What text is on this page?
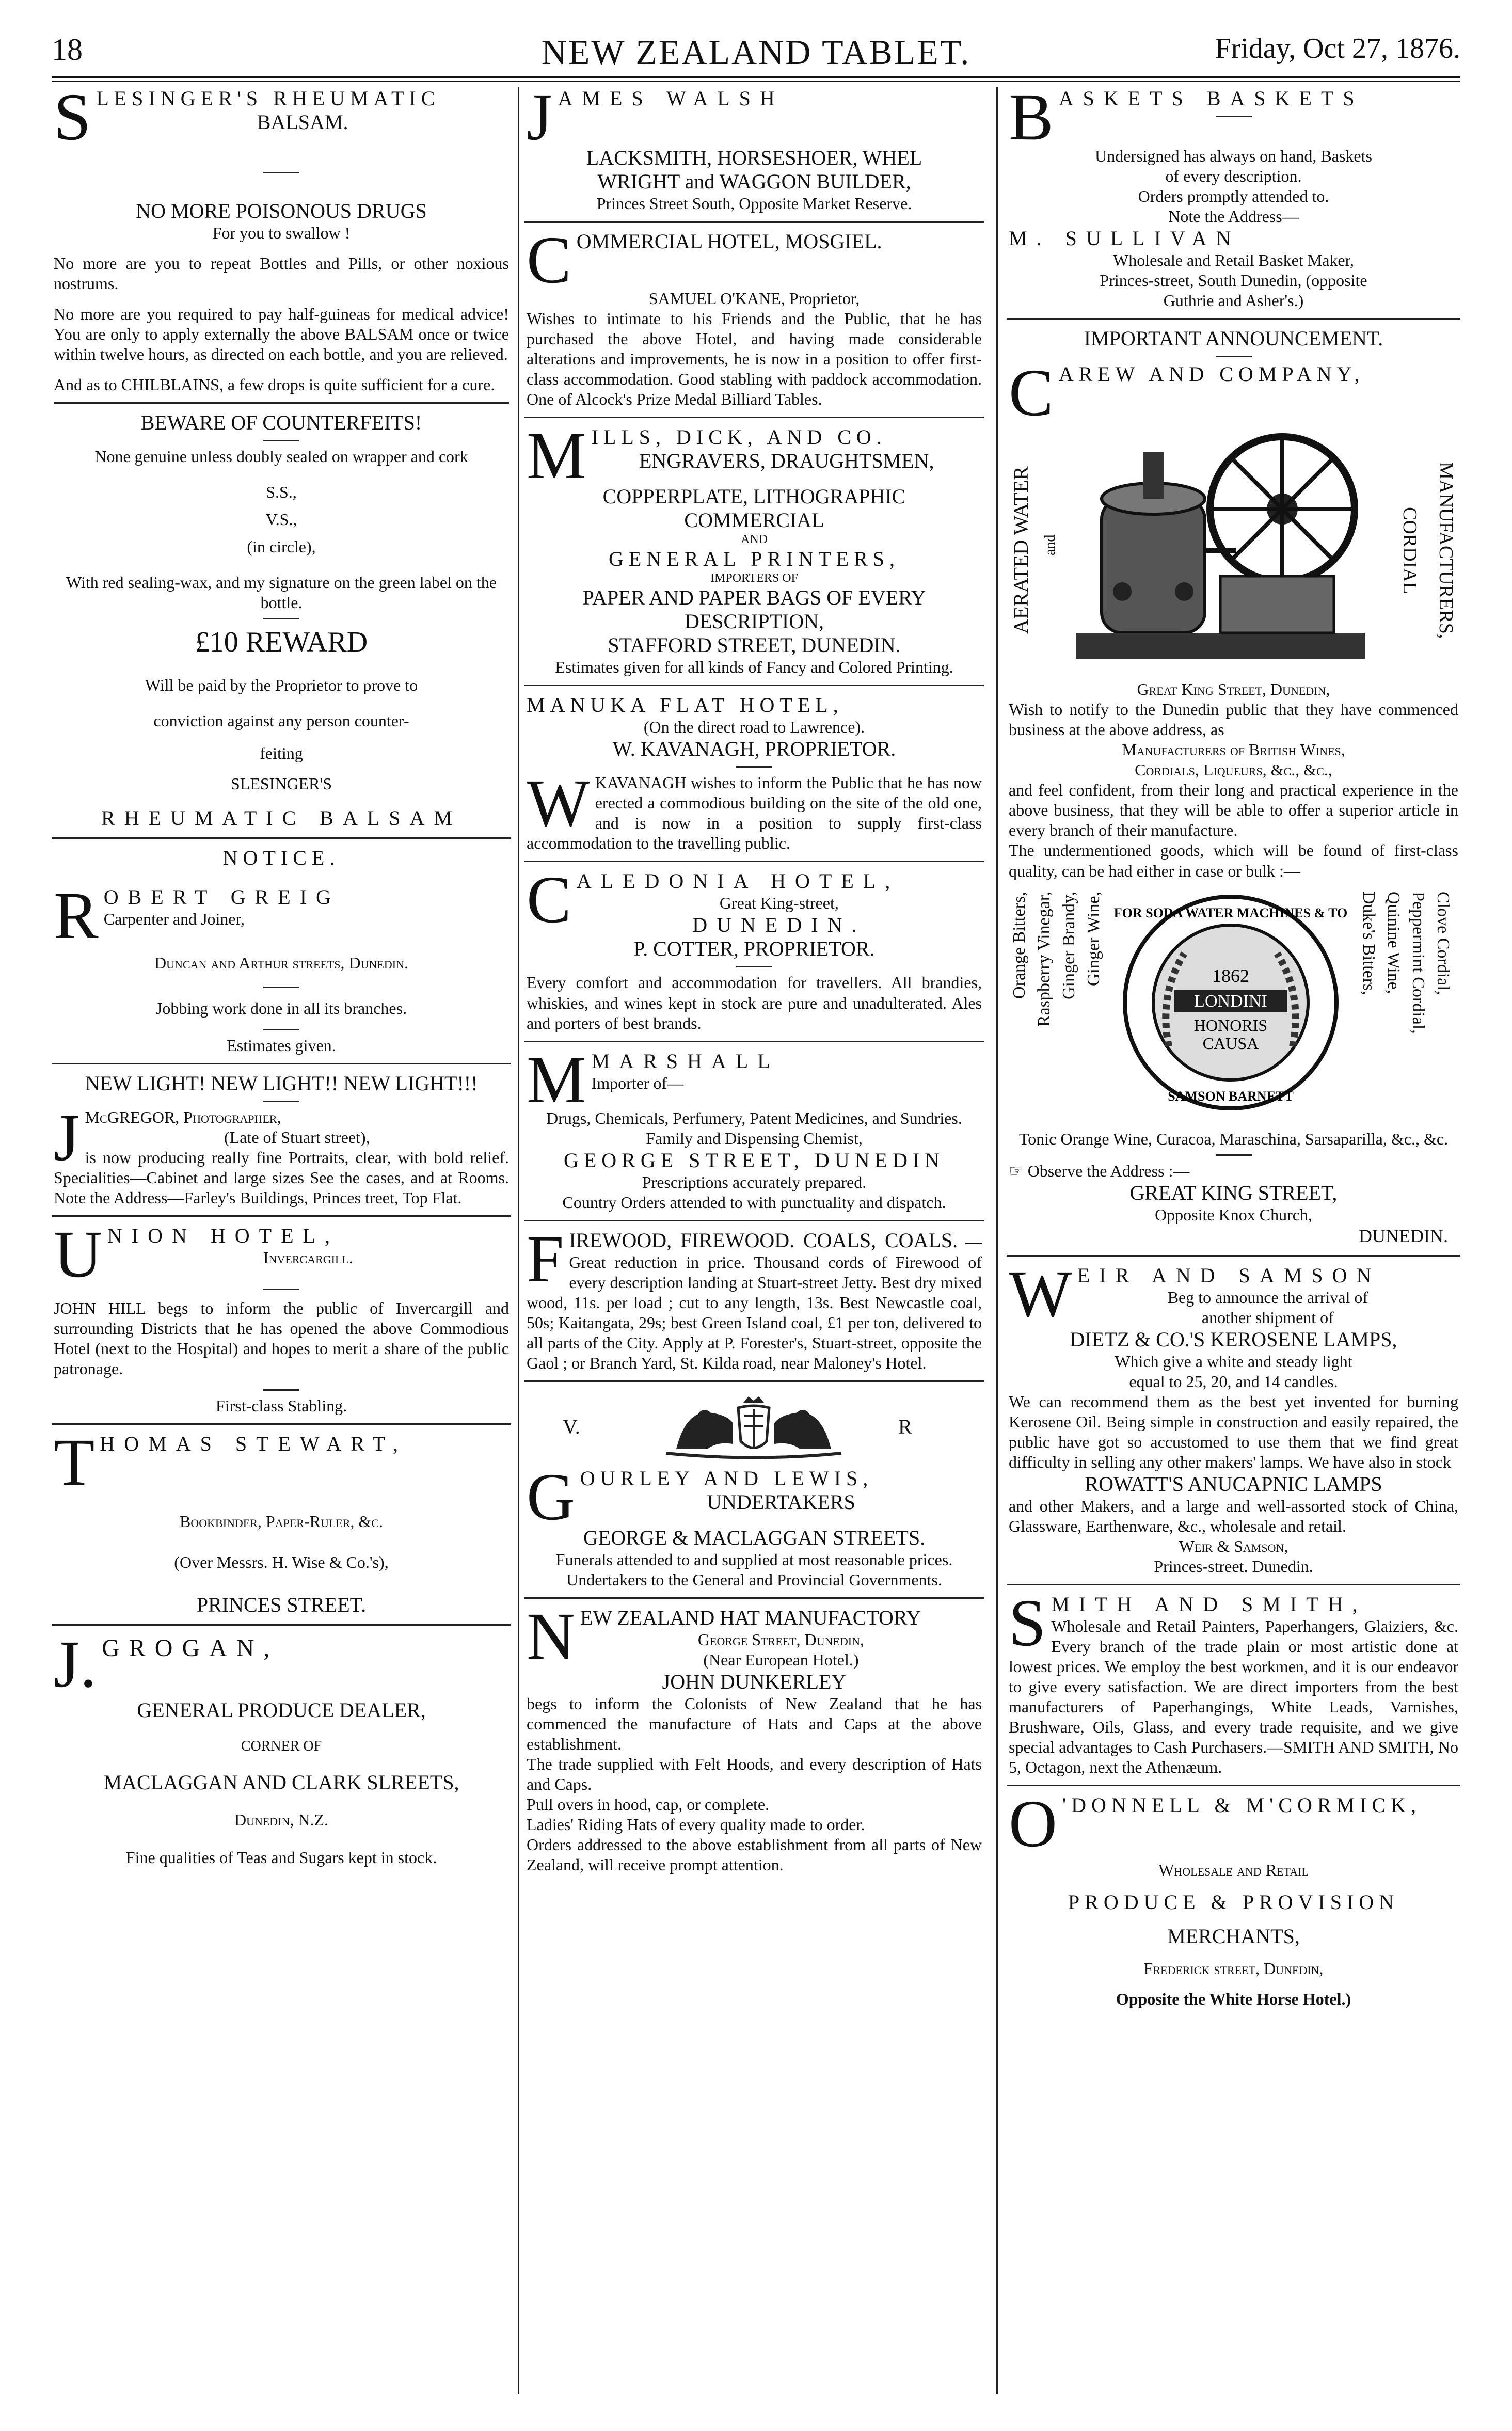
18	NEW ZEALAND TABLET.	Friday, Oct 27, 1876.
S LESINGER'S RHEUMATIC
BALSAM.
NO MORE POISONOUS DRUGS
For you to swallow !
No more are you to repeat Bottles and Pills, or other noxious nostrums.
No more are you required to pay half-guineas for medical advice! You are only to apply externally the above BALSAM once or twice within twelve hours, as directed on each bottle, and you are relieved.
And as to CHILBLAINS, a few drops is quite sufficient for a cure.
BEWARE OF COUNTERFEITS!
None genuine unless doubly sealed on wrapper and cork
S.S.,
V.S.,
(in circle),
With red sealing-wax, and my signature on the green label on the bottle.
£10 REWARD
Will be paid by the Proprietor to prove to
conviction against any person counter-
feiting
SLESINGER'S
RHEUMATIC BALSAM
NOTICE.
R OBERT GREIG
Carpenter and Joiner,
Duncan and Arthur streets, Dunedin.
Jobbing work done in all its branches.
Estimates given.
NEW LIGHT! NEW LIGHT!! NEW LIGHT!!!
J McGREGOR, Photographer,
(Late of Stuart street),
is now producing really fine Portraits, clear, with bold relief. Specialities—Cabinet and large sizes See the cases, and at Rooms. Note the Address—Farley's Buildings, Princes treet, Top Flat.
U NION HOTEL,
Invercargill.
JOHN HILL begs to inform the public of Invercargill and surrounding Districts that he has opened the above Commodious Hotel (next to the Hospital) and hopes to merit a share of the public patronage.
First-class Stabling.
T HOMAS STEWART,
Bookbinder, Paper-Ruler, &c.
(Over Messrs. H. Wise & Co.'s),
PRINCES STREET.
J. GROGAN,
GENERAL PRODUCE DEALER,
CORNER OF
MACLAGGAN AND CLARK SLREETS,
Dunedin, N.Z.
Fine qualities of Teas and Sugars kept in stock.
J AMES WALSH
LACKSMITH, HORSESHOER, WHEL
WRIGHT and WAGGON BUILDER,
Princes Street South, Opposite Market Reserve.
C OMMERCIAL HOTEL, MOSGIEL.
SAMUEL O'KANE, Proprietor,
Wishes to intimate to his Friends and the Public, that he has purchased the above Hotel, and having made considerable alterations and improvements, he is now in a position to offer first-class accommodation. Good stabling with paddock accommodation. One of Alcock's Prize Medal Billiard Tables.
M ILLS, DICK, AND CO.
ENGRAVERS, DRAUGHTSMEN,
COPPERPLATE, LITHOGRAPHIC
COMMERCIAL
AND
GENERAL PRINTERS,
IMPORTERS OF
PAPER AND PAPER BAGS OF EVERY
DESCRIPTION,
STAFFORD STREET, DUNEDIN.
Estimates given for all kinds of Fancy and Colored Printing.
MANUKA FLAT HOTEL,
(On the direct road to Lawrence).
W. KAVANAGH, PROPRIETOR.
W KAVANAGH wishes to inform the Public that he has now erected a commodious building on the site of the old one, and is now in a position to supply first-class accommodation to the travelling public.
C ALEDONIA HOTEL,
Great King-street,
DUNEDIN.
P. COTTER, PROPRIETOR.
Every comfort and accommodation for travellers. All brandies, whiskies, and wines kept in stock are pure and unadulterated. Ales and porters of best brands.
M MARSHALL
Importer of—
Drugs, Chemicals, Perfumery, Patent Medicines, and Sundries. Family and Dispensing Chemist,
GEORGE STREET, DUNEDIN
Prescriptions accurately prepared.
Country Orders attended to with punctuality and dispatch.
F IREWOOD, FIREWOOD. COALS, COALS. —Great reduction in price. Thousand cords of Firewood of every description landing at Stuart-street Jetty. Best dry mixed wood, 11s. per load ; cut to any length, 13s. Best Newcastle coal, 50s; Kaitangata, 29s; best Green Island coal, £1 per ton, delivered to all parts of the City. Apply at P. Forester's, Stuart-street, opposite the Gaol ; or Branch Yard, St. Kilda road, near Maloney's Hotel.
V.	R
G OURLEY AND LEWIS,
UNDERTAKERS
GEORGE & MACLAGGAN STREETS.
Funerals attended to and supplied at most reasonable prices.
Undertakers to the General and Provincial Governments.
N EW ZEALAND HAT MANUFACTORY
George Street, Dunedin,
(Near European Hotel.)
JOHN DUNKERLEY
begs to inform the Colonists of New Zealand that he has commenced the manufacture of Hats and Caps at the above establishment.
The trade supplied with Felt Hoods, and every description of Hats and Caps.
Pull overs in hood, cap, or complete.
Ladies' Riding Hats of every quality made to order.
Orders addressed to the above establishment from all parts of New Zealand, will receive prompt attention.
B ASKETS BASKETS
Undersigned has always on hand, Baskets
of every description.
Orders promptly attended to.
Note the Address—
M. SULLIVAN
Wholesale and Retail Basket Maker,
Princes-street, South Dunedin, (opposite
Guthrie and Asher's.)
IMPORTANT ANNOUNCEMENT.
C AREW AND COMPANY,
AERATED WATER and	CORDIAL MANUFACTURERS,
Great King Street, Dunedin,
Wish to notify to the Dunedin public that they have commenced business at the above address, as
Manufacturers of British Wines,
Cordials, Liqueurs, &c., &c.,
and feel confident, from their long and practical experience in the above business, that they will be able to offer a superior article in every branch of their manufacture.
The undermentioned goods, which will be found of first-class quality, can be had either in case or bulk :—
Ginger Wine,
Ginger Brandy,
Raspberry Vinegar,
Orange Bitters,	FOR SODA WATER MACHINES & TO
1862
LONDINI
HONORIS
CAUSA
SAMSON BARNETT
Duke's Bitters, Quinine Wine, Peppermint Cordial, Clove Cordial,
Tonic Orange Wine, Curacoa, Maraschina, Sarsaparilla, &c., &c.
☞ Observe the Address :—
GREAT KING STREET,
Opposite Knox Church,
DUNEDIN.
W EIR AND SAMSON
Beg to announce the arrival of
another shipment of
DIETZ & CO.'S KEROSENE LAMPS,
Which give a white and steady light
equal to 25, 20, and 14 candles.
We can recommend them as the best yet invented for burning Kerosene Oil. Being simple in construction and easily repaired, the public have got so accustomed to use them that we find great difficulty in selling any other makers' lamps. We have also in stock
ROWATT'S ANUCAPNIC LAMPS
and other Makers, and a large and well-assorted stock of China, Glassware, Earthenware, &c., wholesale and retail.
Weir & Samson,
Princes-street. Dunedin.
S MITH AND SMITH,
Wholesale and Retail Painters, Paperhangers, Glaiziers, &c. Every branch of the trade plain or most artistic done at lowest prices. We employ the best workmen, and it is our endeavor to give every satisfaction. We are direct importers from the best manufacturers of Paperhangings, White Leads, Varnishes, Brushware, Oils, Glass, and every trade requisite, and we give special advantages to Cash Purchasers.—SMITH AND SMITH, No 5, Octagon, next the Athenæum.
O 'DONNELL & M'CORMICK,
Wholesale and Retail
PRODUCE & PROVISION
MERCHANTS,
Frederick street, Dunedin,
Opposite the White Horse Hotel.)
